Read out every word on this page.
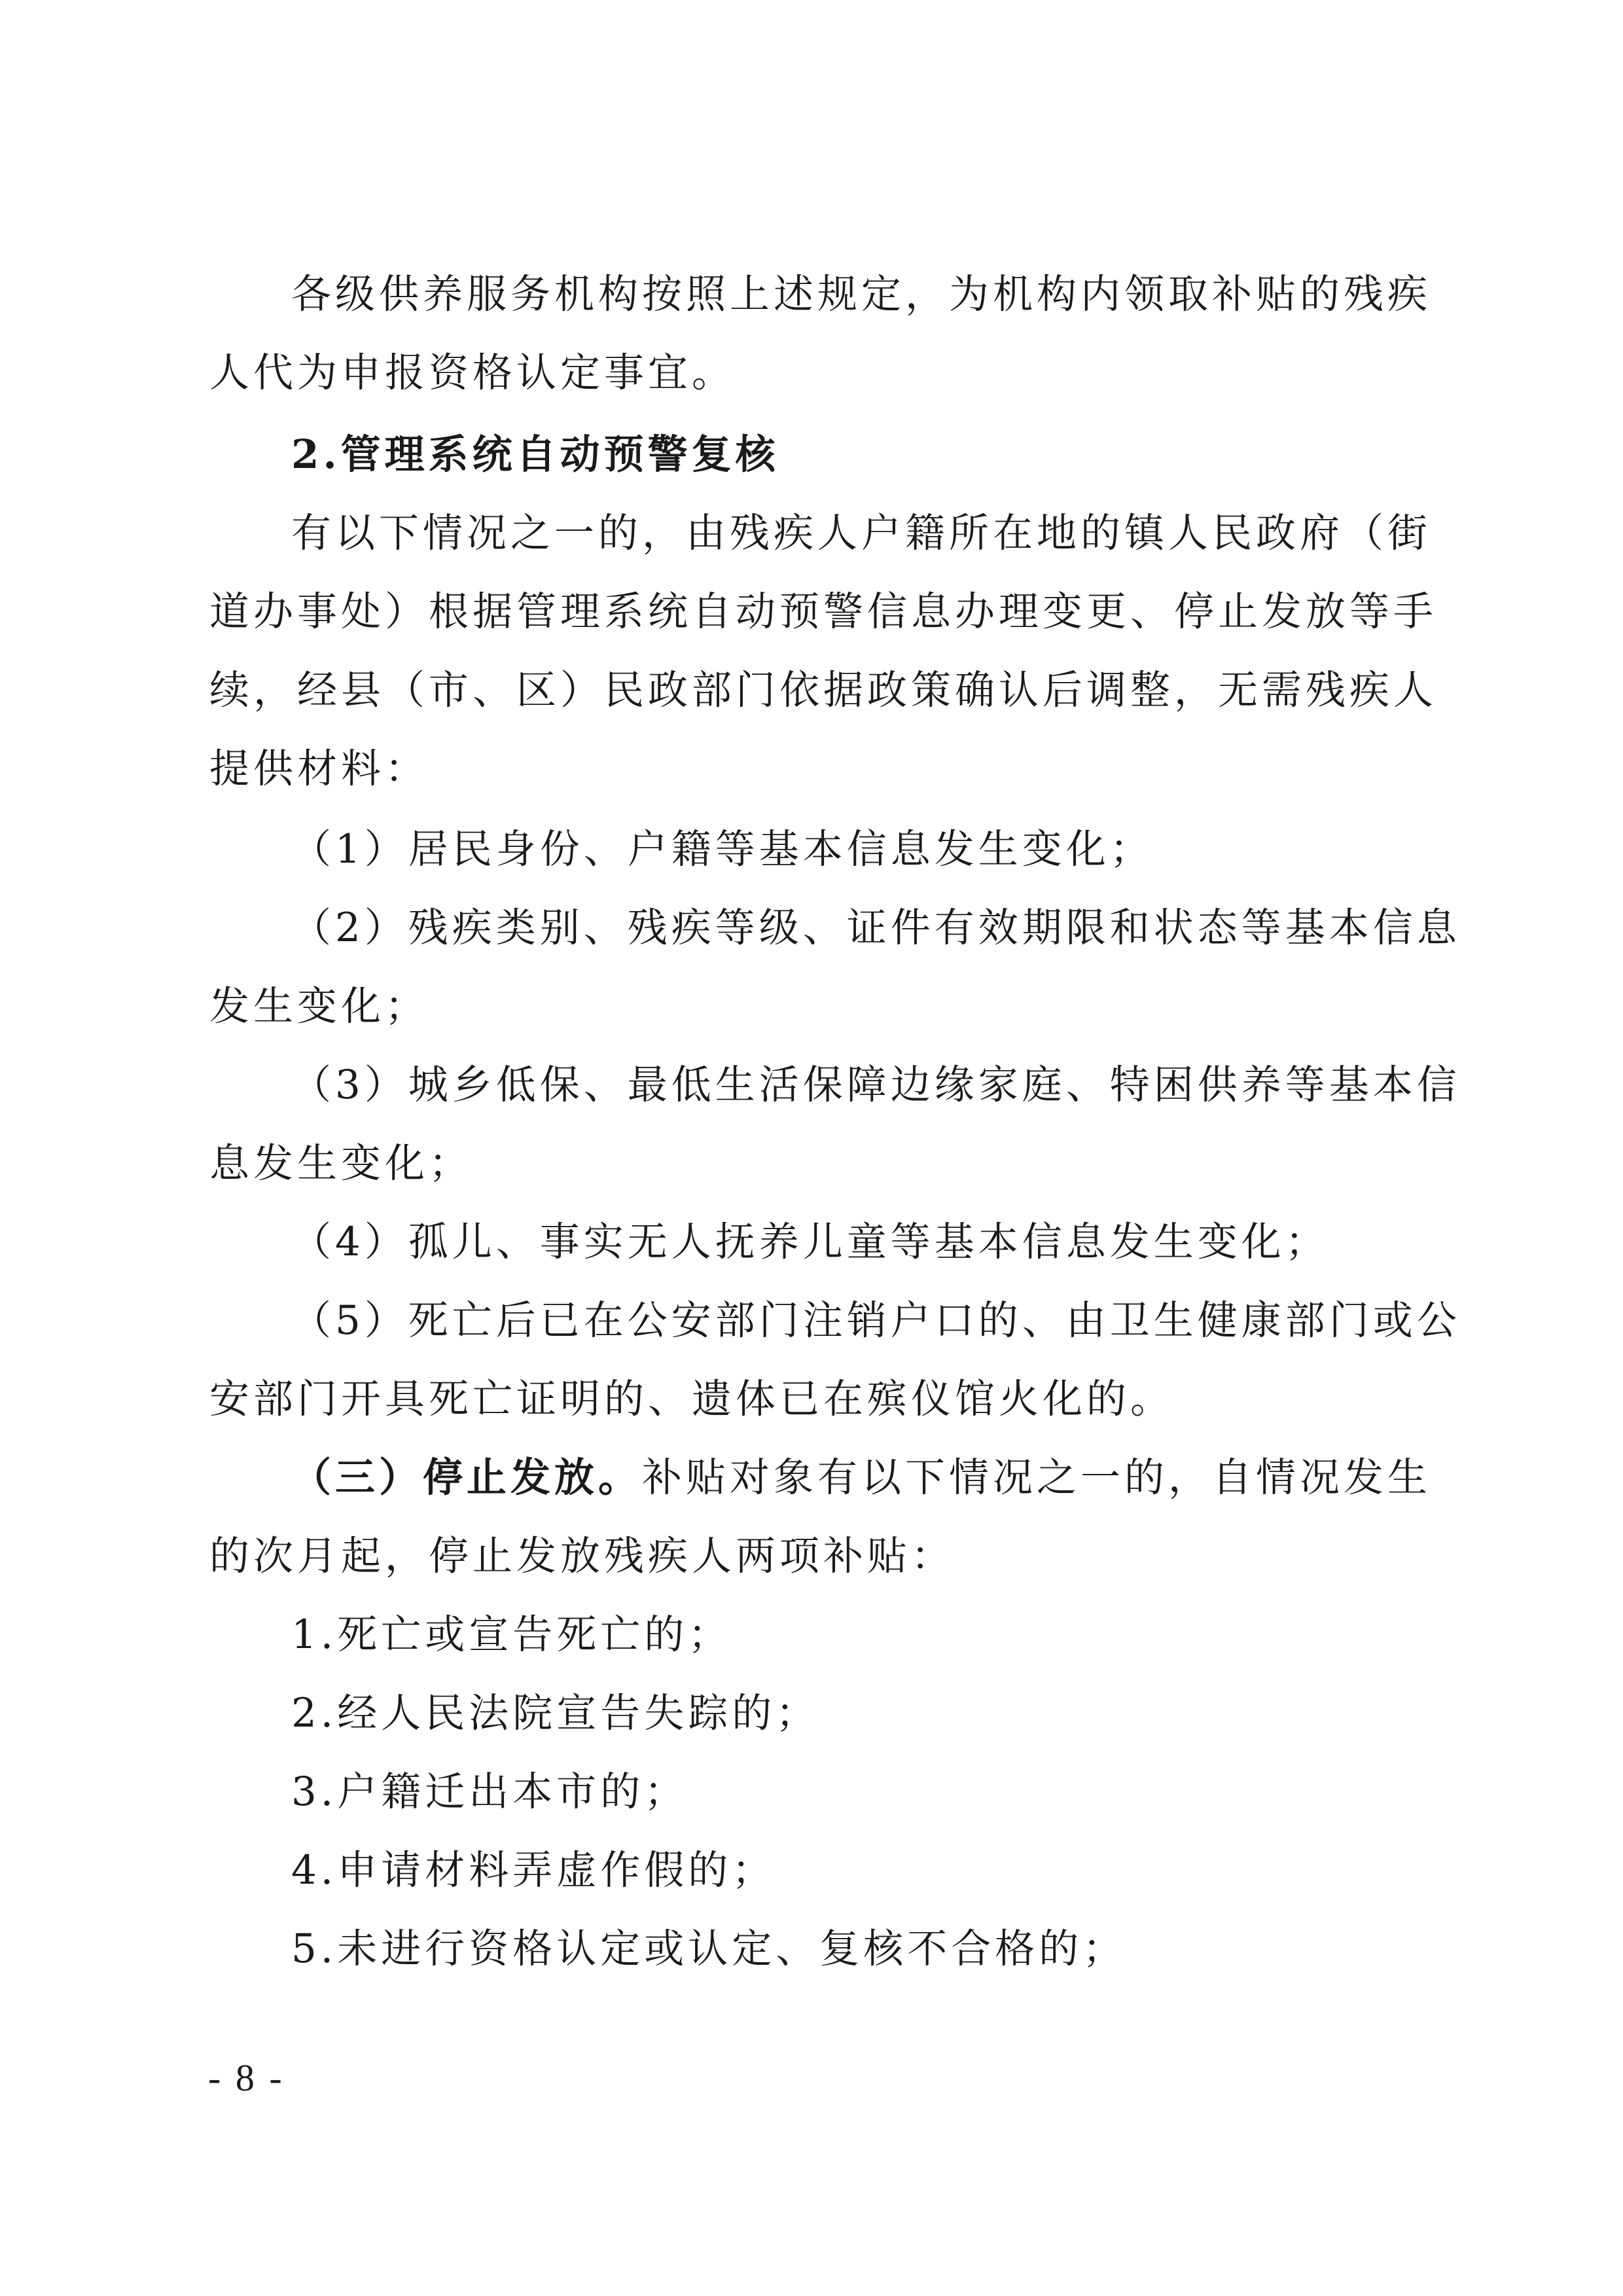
各级供养服务机构按照上述规定，为机构内领取补贴的残疾
人代为申报资格认定事宜。
2.管理系统自动预警复核
有以下情况之一的，由残疾人户籍所在地的镇人民政府（街
道办事处）根据管理系统自动预警信息办理变更、停止发放等手
续，经县（市、区）民政部门依据政策确认后调整，无需残疾人
提供材料：
（1）居民身份、户籍等基本信息发生变化；
（2）残疾类别、残疾等级、证件有效期限和状态等基本信息
发生变化；
（3）城乡低保、最低生活保障边缘家庭、特困供养等基本信
息发生变化；
（4）孤儿、事实无人抚养儿童等基本信息发生变化；
（5）死亡后已在公安部门注销户口的、由卫生健康部门或公
安部门开具死亡证明的、遗体已在殡仪馆火化的。
（三）停止发放。补贴对象有以下情况之一的，自情况发生
的次月起，停止发放残疾人两项补贴：
1.死亡或宣告死亡的；
2.经人民法院宣告失踪的；
3.户籍迁出本市的；
4.申请材料弄虚作假的；
5.未进行资格认定或认定、复核不合格的；
- 8 -
